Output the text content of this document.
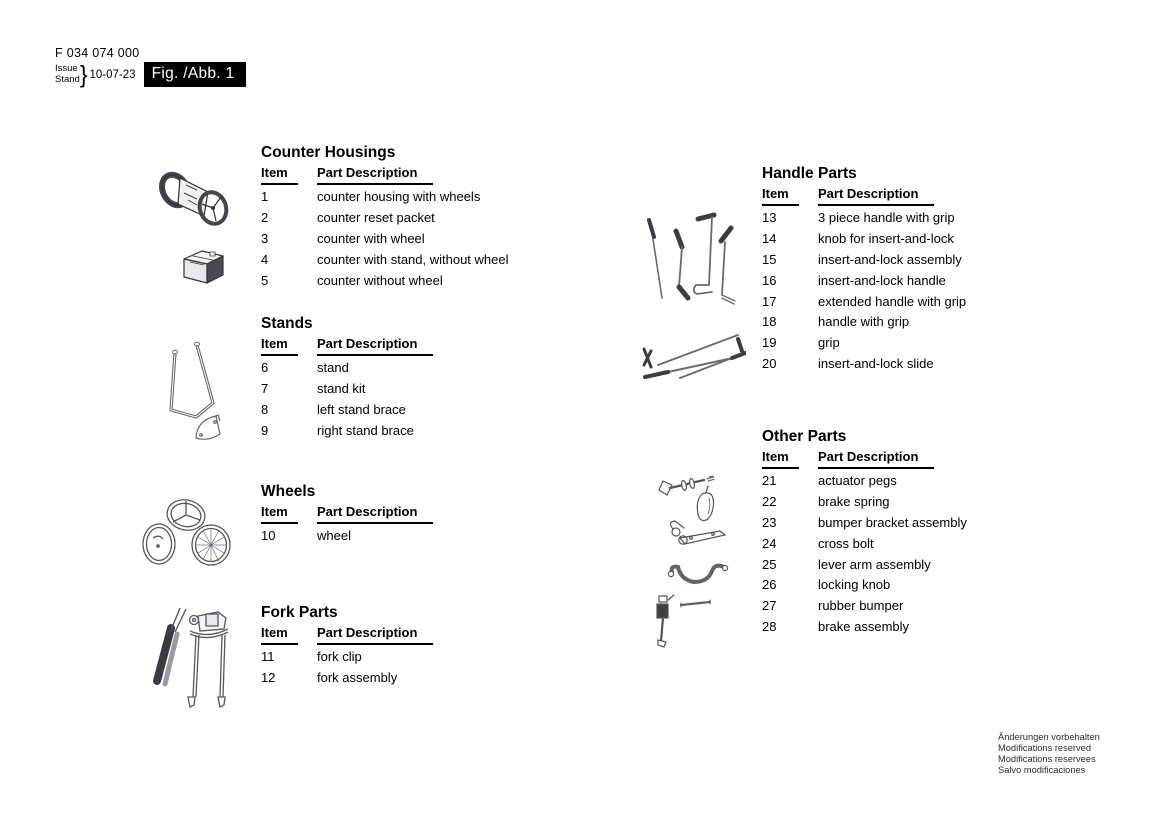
F 034 074 000
Issue
Stand } 10-07-23	Fig. /Abb. 1
Counter Housings
Item	Part Description
1	counter housing with wheels
2	counter reset packet
3	counter with wheel
4	counter with stand, without wheel
5	counter without wheel
Stands
Item	Part Description
6	stand
7	stand kit
8	left stand brace
9	right stand brace
Wheels
Item	Part Description
10	wheel
Fork Parts
Item	Part Description
11	fork clip
12	fork assembly
Handle Parts
Item	Part Description
13	3 piece handle with grip
14	knob for insert-and-lock
15	insert-and-lock assembly
16	insert-and-lock handle
17	extended handle with grip
18	handle with grip
19	grip
20	insert-and-lock slide
Other Parts
Item	Part Description
21	actuator pegs
22	brake spring
23	bumper bracket assembly
24	cross bolt
25	lever arm assembly
26	locking knob
27	rubber bumper
28	brake assembly
Änderungen vorbehalten
Modifications reserved
Modifications reservees
Salvo modificaciones
